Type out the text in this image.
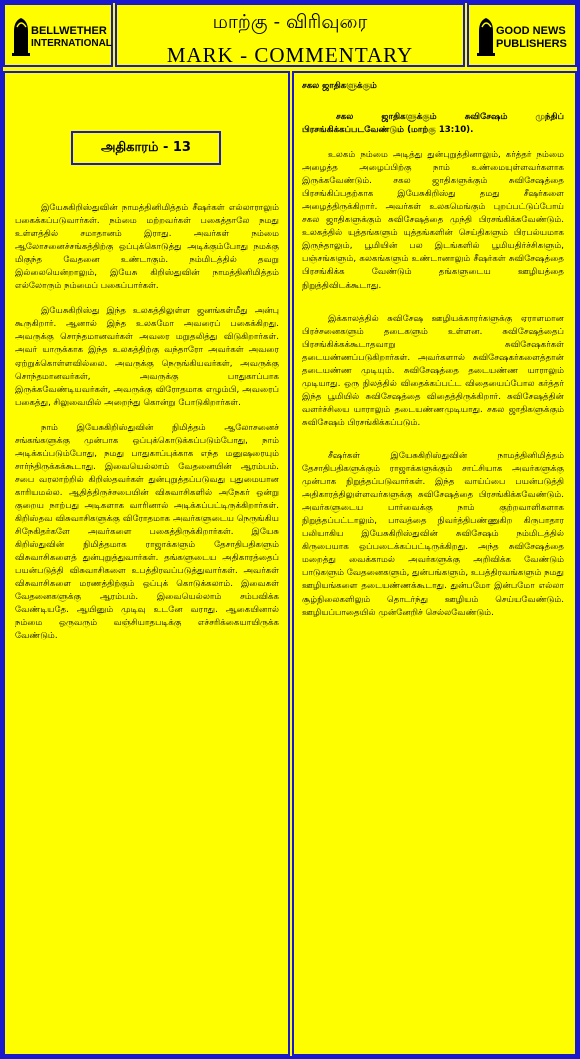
BELLWETHER
INTERNATIONAL
மாற்கு - விரிவுரை
MARK - COMMENTARY
GOOD NEWS
PUBLISHERS
அதிகாரம் - 13

இயேசுகிறிஸ்துவின் நாமத்தினிமித்தம் சீஷர்கள் எல்லாராலும் பகைக்கப்படுவார்கள். நம்மை மற்றவர்கள் பகைத்தாலே நமது உள்ளத்தில் சமாதானம் இராது. அவர்கள் நம்மை ஆலோசனைச்சங்கத்திற்கு ஒப்புக்கொடுத்து அடிக்கும்போது நமக்கு மிகுந்த வேதனை உண்டாகும். நம்மிடத்தில் தவறு இல்லையென்றாலும், இயேசு கிறிஸ்துவின் நாமத்தினிமித்தம் எல்லோரும் நம்மைப் பகைப்பார்கள்.

இயேசுகிறிஸ்து இந்த உலகத்திலுள்ள ஜனங்கள்மீது அன்பு கூருகிறார். ஆனால் இந்த உலகமோ அவரைப் பகைக்கிறது. அவருக்கு சொந்தமானவர்கள் அவரை மறுதலித்து விடுகிறார்கள். அவர் யாருக்காக இந்த உலகத்திற்கு வந்தாரோ அவர்கள் அவரை ஏற்றுக்கொள்ளவில்லை. அவருக்கு நெருங்கியவர்கள், அவருக்கு சொந்தமானவர்கள், அவருக்கு பாதுகாப்பாக இருக்கவேண்டியவர்கள், அவருக்கு விரோதமாக எழும்பி, அவரைப் பகைத்து, சிலுவையில் அறைந்து கொன்று போடுகிறார்கள்.

நாம் இயேசுகிறிஸ்துவின் நிமித்தம் ஆலோசனைச் சங்கங்களுக்கு முன்பாக ஒப்புக்கொடுக்கப்படும்போது, நாம் அடிக்கப்படும்போது, நமது பாதுகாப்புக்காக எந்த மனுஷரையும் சார்ந்திருக்கக்கூடாது. இவையெல்லாம் வேதனையின் ஆரம்பம். சபை வரலாற்றில் கிறிஸ்தவர்கள் துன்புறுத்தப்படுவது புதுமையான காரியமல்ல. ஆதித்திருச்சபையின் விசுவாசிகளில் அநேகர் ஒன்று குறைய நாற்பது அடிகளாக வாரினால் அடிக்கப்பட்டிருக்கிறார்கள். கிறிஸ்தவ விசுவாசிகளுக்கு விரோதமாக அவர்களுடைய நெருங்கிய சிநேகிதர்களே அவர்களை பகைத்திருக்கிறார்கள். இயேசு கிறிஸ்துவின் நிமித்தமாக ராஜாக்களும் தேசாதிபதிகளும் விசுவாசிகளைத் துன்புறுத்துவார்கள். தங்களுடைய அதிகாரத்தைப் பயன்படுத்தி விசுவாசிகளை உபத்திரவப்படுத்துவார்கள். அவர்கள் விசுவாசிகளை மரணத்திற்கும் ஒப்புக் கொடுக்கலாம். இவைகள் வேதனைகளுக்கு ஆரம்பம். இவையெல்லாம் சம்பவிக்க வேண்டியதே. ஆயினும் முடிவு உடனே வராது. ஆகையினால் நம்மை ஒருவரும் வஞ்சியாதபடிக்கு எச்சரிக்கையாயிருக்க வேண்டும்.

சகல ஜாதிகளுக்கும்
சகல ஜாதிகளுக்கும் சுவிசேஷம் முந்திப் பிரசங்கிக்கப்படவேண்டும் (மாற்கு 13:10).

உலகம் நம்மை அடித்து துன்புறுத்தினாலும், கர்த்தர் நம்மை அழைத்த அழைப்பிற்கு நாம் உண்மையுள்ளவர்களாக இருக்கவேண்டும். சகல ஜாதிகளுக்கும் சுவிசேஷத்தை பிரசங்கிப்பதற்காக இயேசுகிறிஸ்து தமது சீஷர்களை அழைத்திருக்கிறார். அவர்கள் உலகமெங்கும் புறப்பட்டுப்போய் சகல ஜாதிகளுக்கும் சுவிசேஷத்தை முந்தி பிரசங்கிக்கவேண்டும். உலகத்தில் யுத்தங்களும் யுத்தங்களின் செய்திகளும் பிரபல்யமாக இருந்தாலும், பூமியின் பல இடங்களில் பூமியதிர்ச்சிகளும், பஞ்சங்களும், கலகங்களும் உண்டானாலும் சீஷர்கள் சுவிசேஷத்தை பிரசங்கிக்க வேண்டும் தங்களுடைய ஊழியத்தை நிறுத்திவிடக்கூடாது.

இக்காலத்தில் சுவிசேஷ ஊழியக்காரர்களுக்கு ஏராளமான பிரச்சனைகளும் தடைகளும் உள்ளன. சுவிசேஷத்தைப் பிரசங்கிக்கக்கூடாதவாறு சுவிசேஷகர்கள் தடையண்ணப்படுகிறார்கள். அவர்களால் சுவிசேஷகர்களைத்தான் தடையண்ண முடியும். சுவிசேஷத்தை தடையண்ண யாராலும் முடியாது. ஒரு நிலத்தில் விதைக்கப்பட்ட விதையைப்போல கர்த்தர் இந்த பூமியில் சுவிசேஷத்தை விதைத்திருக்கிறார். சுவிசேஷத்தின் வளர்ச்சியை யாராலும் தடையண்ணமுடியாது. சகல ஜாதிகளுக்கும் சுவிசேஷம் பிரசங்கிக்கப்படும்.

சீஷர்கள் இயேசுகிறிஸ்துவின் நாமத்தினிமித்தம் தேசாதிபதிகளுக்கும் ராஜாக்களுக்கும் சாட்சியாக அவர்களுக்கு முன்பாக நிறுத்தப்படுவார்கள். இந்த வாய்ப்பை பயன்படுத்தி அதிகாரத்திலுள்ளவர்களுக்கு சுவிசேஷத்தை பிரசங்கிக்கவேண்டும். அவர்களுடைய பார்வைக்கு நாம் குற்றவாளிகளாக நிறுத்தப்பட்டாலும், பாவத்தை நிவர்த்திபண்ணுகிற கிருபாதார பலியாகிய இயேசுகிறிஸ்துவின் சுவிசேஷம் நம்மிடத்தில் கிருபையாக ஒப்படைக்கப்பட்டிருக்கிறது. அந்த சுவிசேஷத்தை மறைத்து வைக்காமல் அவர்களுக்கு அறிவிக்க வேண்டும் பாடுகளும் வேதனைகளும், துன்பங்களும், உபத்திரவங்களும் நமது ஊழியங்களை தடையண்ணக்கூடாது. துன்பமோ இன்பமோ எல்லா சூழ்நிலைகளிலும் தொடர்ந்து ஊழியம் செய்யவேண்டும். ஊழியப்பாதையில் முன்னேறிச் செல்லவேண்டும்.
